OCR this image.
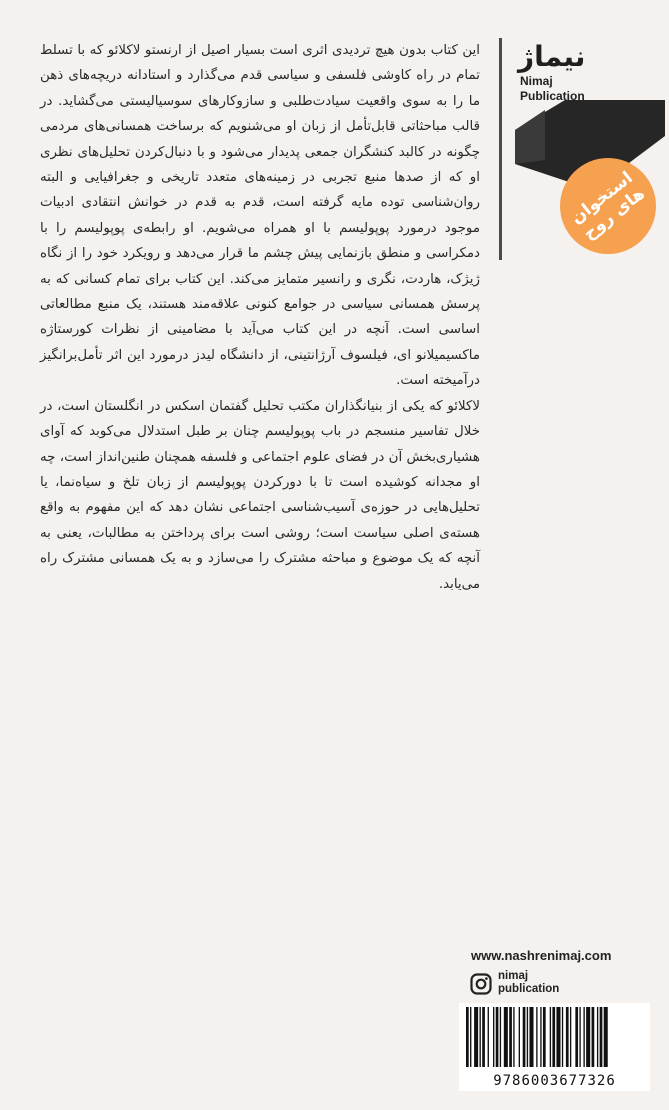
این کتاب بدون هیچ تردیدی اثری است بسیار اصیل از ارنستو لاکلائو که با تسلط تمام در راه کاوشی فلسفی و سیاسی قدم می‌گذارد و استادانه دریچه‌های ذهن ما را به سوی واقعیت سیادت‌طلبی و سازوکارهای سوسیالیستی می‌گشاید. در قالب مباحثاتی قابل‌تأمل از زبان او می‌شنویم که برساخت همسانی‌های مردمی چگونه در کالبد کنشگران جمعی پدیدار می‌شود و با دنبال‌کردن تحلیل‌های نظری او که از صدها منبع تجربی در زمینه‌های متعدد تاریخی و جغرافیایی و البته روان‌شناسی توده مایه گرفته است، قدم به قدم در خوانش انتقادی ادبیات موجود درمورد پوپولیسم با او همراه می‌شویم. او رابطه‌ی پوپولیسم را با دمکراسی و منطق بازنمایی پیش چشم ما قرار می‌دهد و رویکرد خود را از نگاه ژیژک، هاردت، نگری و رانسیر متمایز می‌کند. این کتاب برای تمام کسانی که به پرسش همسانی سیاسی در جوامع کنونی علاقه‌مند هستند، یک منبع مطالعاتی اساسی است. آنچه در این کتاب می‌آید با مضامینی از نظرات کورستاژه ماکسیمیلانو ای، فیلسوف آرژانتینی، از دانشگاه لیدز درمورد این اثر تأمل‌برانگیز درآمیخته است.

لاکلائو که یکی از بنیانگذاران مکتب تحلیل گفتمان اسکس در انگلستان است، در خلال تفاسیر منسجم در باب پوپولیسم چنان بر طبل استدلال می‌کوبد که آوای هشیاری‌بخش آن در فضای علوم اجتماعی و فلسفه همچنان طنین‌انداز است، چه او مجدانه کوشیده است تا با دورکردن پوپولیسم از زبان تلخ و سیاه‌نما، یا تحلیل‌هایی در حوزه‌ی آسیب‌شناسی اجتماعی نشان دهد که این مفهوم به واقع هسته‌ی اصلی سیاست است؛ روشی است برای پرداختن به مطالبات، یعنی به آنچه که یک موضوع و مباحثه مشترک را می‌سازد و به یک همسانی مشترک راه می‌یابد.

نیماژ
Nimaj
Publication
استخوان های روح
www.nashrenimaj.com
nimaj
publication
9786003677326
